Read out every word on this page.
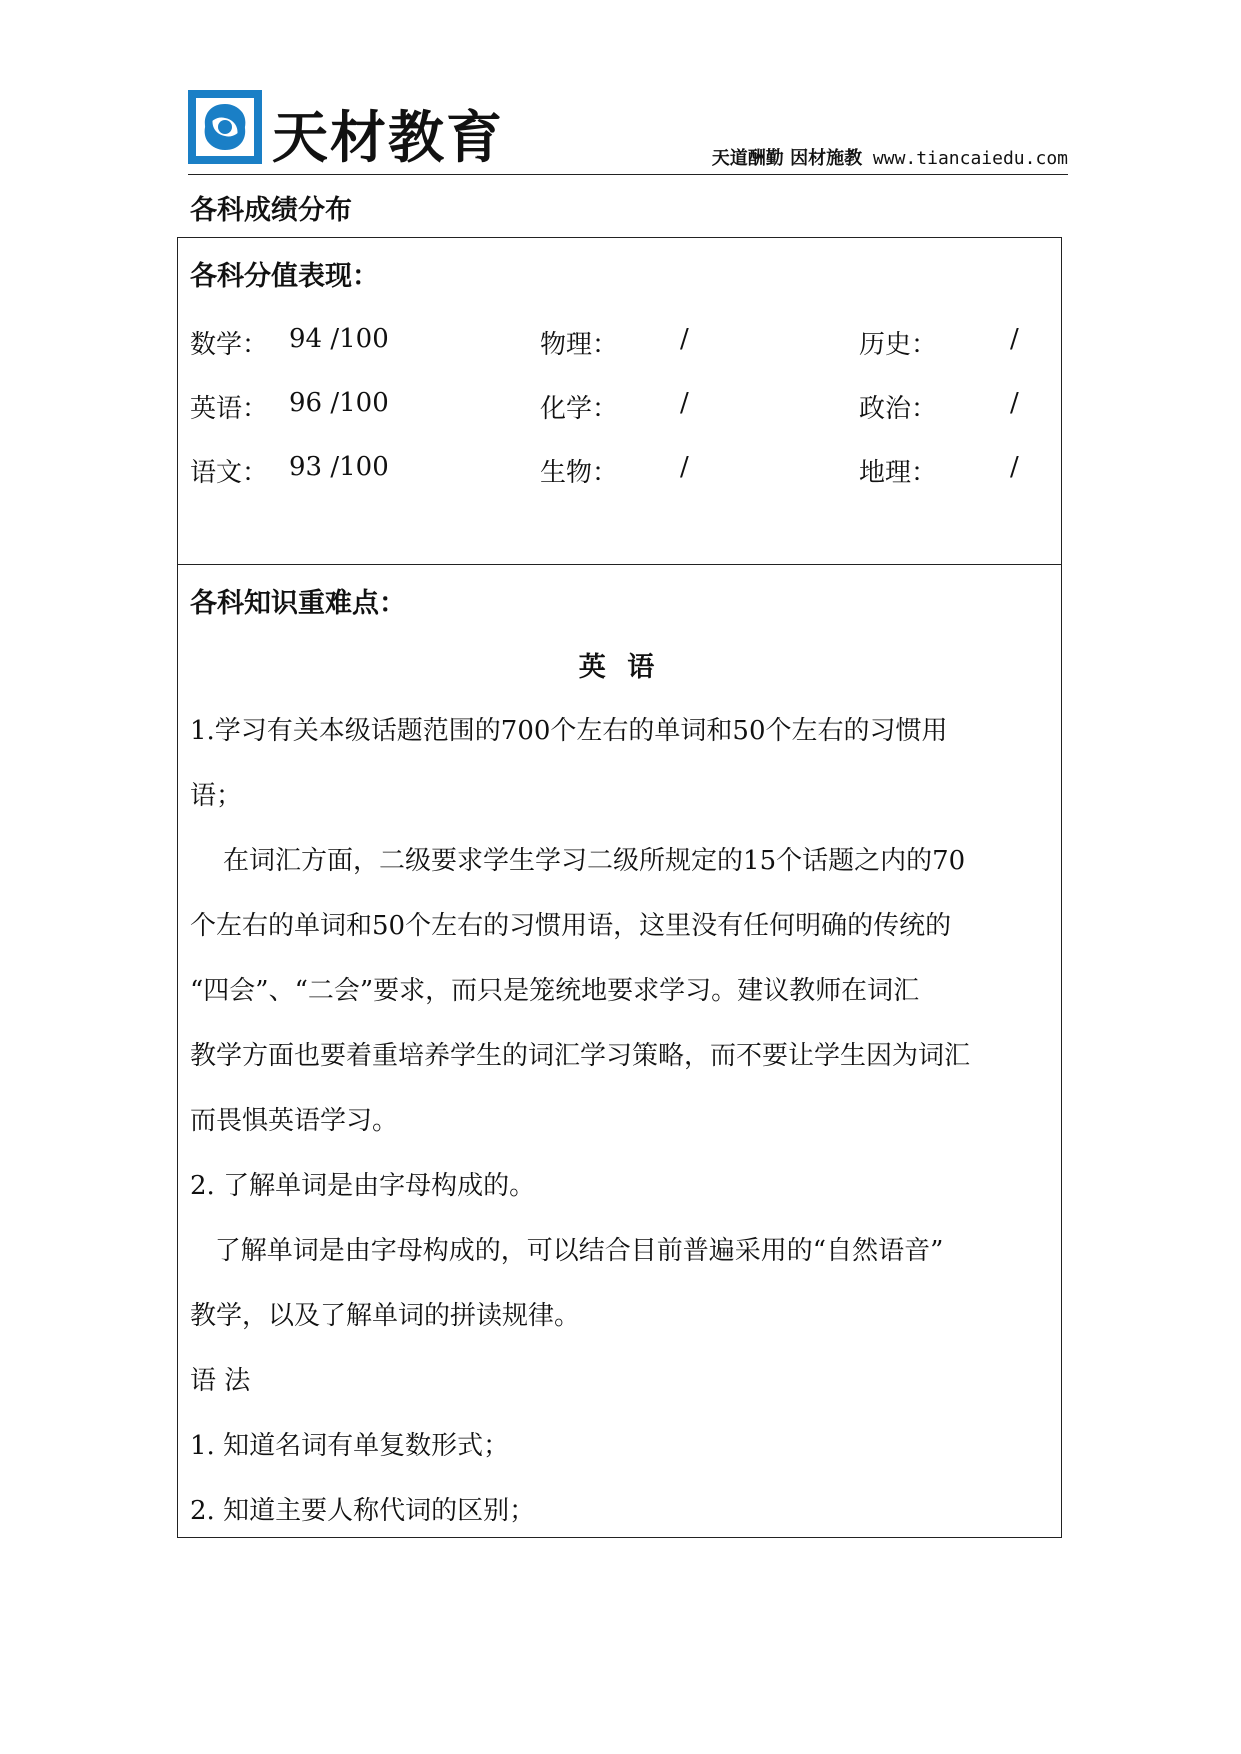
天材教育	天道酬勤 因材施教 www.tiancaiedu.com
各科成绩分布
各科分值表现：
数学： 94 /100	物理： /	历史：	/
英语： 96 /100	化学： /	政治：	/
语文： 93 /100	生物： /	地理：	/
各科知识重难点：
英 语
1.学习有关本级话题范围的700个左右的单词和50个左右的习惯用
语；
在词汇方面，二级要求学生学习二级所规定的15个话题之内的70
个左右的单词和50个左右的习惯用语，这里没有任何明确的传统的
“四会”、“二会”要求，而只是笼统地要求学习。建议教师在词汇
教学方面也要着重培养学生的词汇学习策略，而不要让学生因为词汇
而畏惧英语学习。
2. 了解单词是由字母构成的。
了解单词是由字母构成的，可以结合目前普遍采用的“自然语音”
教学，以及了解单词的拼读规律。
语 法
1. 知道名词有单复数形式；
2. 知道主要人称代词的区别；
